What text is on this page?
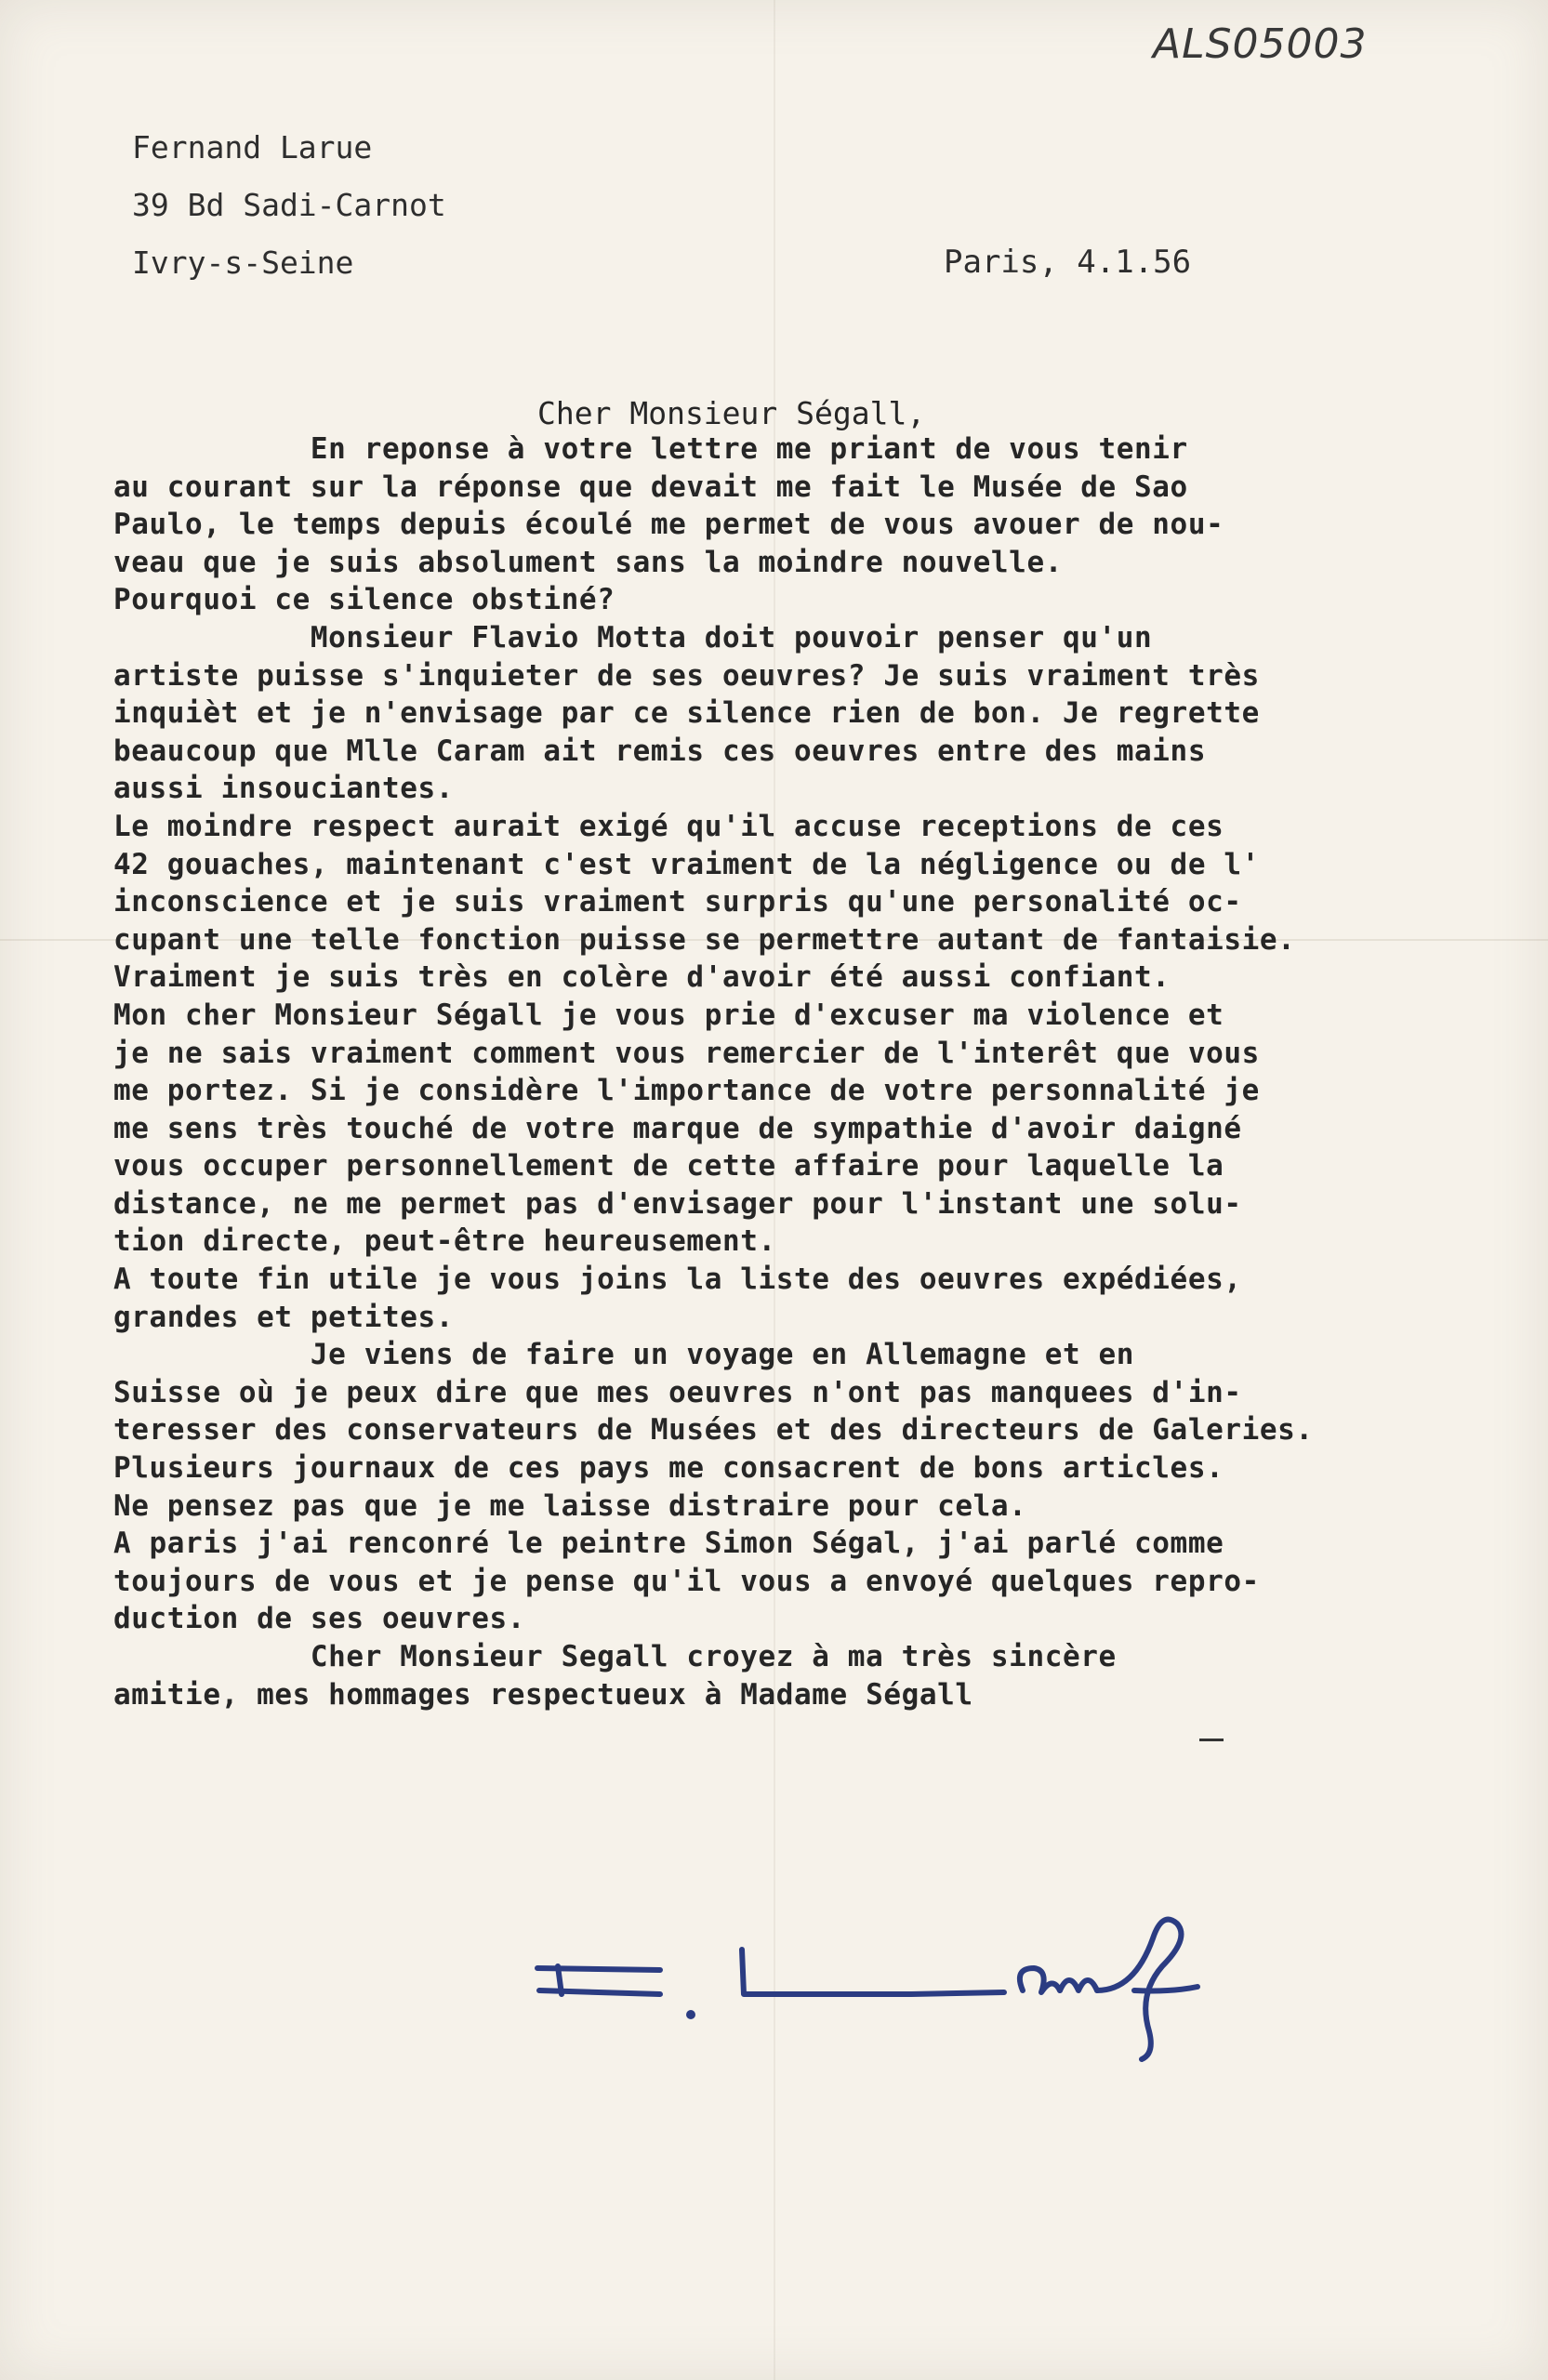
ALS05003
Fernand Larue
39 Bd Sadi-Carnot
Ivry-s-Seine	Paris, 4.1.56
Cher Monsieur Ségall,
En reponse à votre lettre me priant de vous tenir
au courant sur la réponse que devait me fait le Musée de Sao
Paulo, le temps depuis écoulé me permet de vous avouer de nou-
veau que je suis absolument sans la moindre nouvelle.
Pourquoi ce silence obstiné?
Monsieur Flavio Motta doit pouvoir penser qu'un
artiste puisse s'inquieter de ses oeuvres? Je suis vraiment très
inquièt et je n'envisage par ce silence rien de bon. Je regrette
beaucoup que Mlle Caram ait remis ces oeuvres entre des mains
aussi insouciantes.
Le moindre respect aurait exigé qu'il accuse receptions de ces
42 gouaches, maintenant c'est vraiment de la négligence ou de l'
inconscience et je suis vraiment surpris qu'une personalité oc-
cupant une telle fonction puisse se permettre autant de fantaisie.
Vraiment je suis très en colère d'avoir été aussi confiant.
Mon cher Monsieur Ségall je vous prie d'excuser ma violence et
je ne sais vraiment comment vous remercier de l'interêt que vous
me portez. Si je considère l'importance de votre personnalité je
me sens très touché de votre marque de sympathie d'avoir daigné
vous occuper personnellement de cette affaire pour laquelle la
distance, ne me permet pas d'envisager pour l'instant une solu-
tion directe, peut-être heureusement.
A toute fin utile je vous joins la liste des oeuvres expédiées,
grandes et petites.
Je viens de faire un voyage en Allemagne et en
Suisse où je peux dire que mes oeuvres n'ont pas manquees d'in-
teresser des conservateurs de Musées et des directeurs de Galeries.
Plusieurs journaux de ces pays me consacrent de bons articles.
Ne pensez pas que je me laisse distraire pour cela.
A paris j'ai renconré le peintre Simon Ségal, j'ai parlé comme
toujours de vous et je pense qu'il vous a envoyé quelques repro-
duction de ses oeuvres.
Cher Monsieur Segall croyez à ma très sincère
amitie, mes hommages respectueux à Madame Ségall
